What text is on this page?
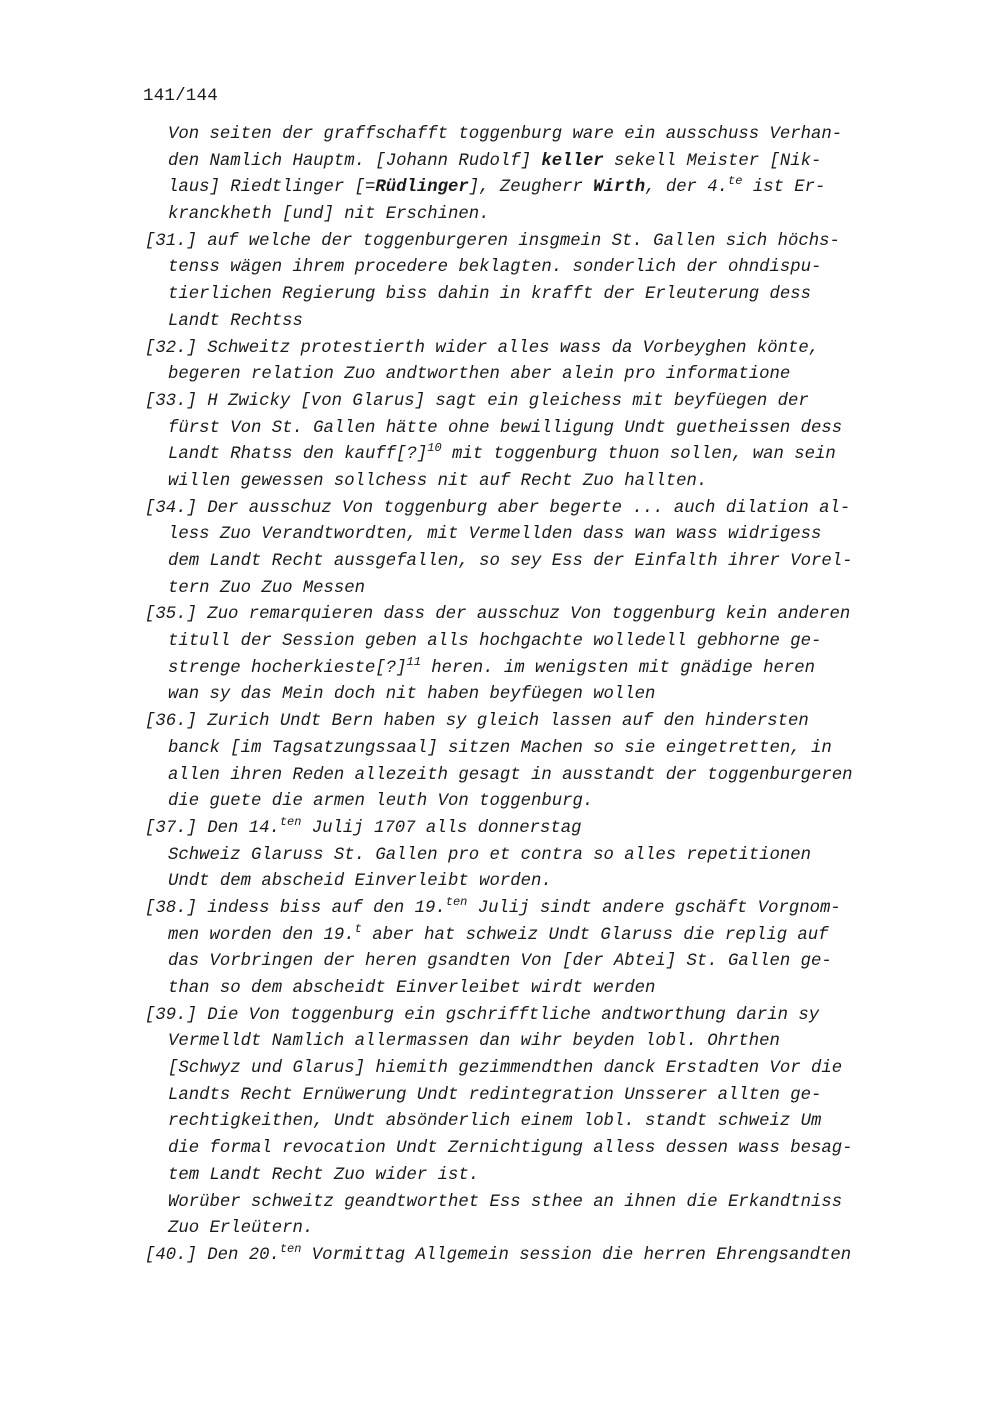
141/144
Von seiten der graffschafft toggenburg ware ein ausschuss Verhan-
den Namlich Hauptm. [Johann Rudolf] keller sekell Meister [Nik-
laus] Riedtlinger [=Rüdlinger], Zeugherr Wirth, der 4.$^{te}$ ist Er-
kranckheth [und] nit Erschinen.
[31.] auf welche der toggenburgeren insgmein St. Gallen sich höchs-
tenss wägen ihrem procedere beklagten. sonderlich der ohndispu-
tierlichen Regierung biss dahin in krafft der Erleuterung dess
Landt Rechtss
[32.] Schweitz protestierth wider alles wass da Vorbeyghen könte,
begeren relation Zuo andtworthen aber alein pro informatione
[33.] H Zwicky [von Glarus] sagt ein gleichess mit beyfüegen der
fürst Von St. Gallen hätte ohne bewilligung Undt guetheissen dess
Landt Rhatss den kauff[?]$^{10}$ mit toggenburg thuon sollen, wan sein
willen gewessen sollchess nit auf Recht Zuo hallten.
[34.] Der ausschuz Von toggenburg aber begerte ... auch dilation al-
less Zuo Verandtwordten, mit Vermellden dass wan wass widrigess
dem Landt Recht aussgefallen, so sey Ess der Einfalth ihrer Vorel-
tern Zuo Zuo Messen
[35.] Zuo remarquieren dass der ausschuz Von toggenburg kein anderen
titull der Session geben alls hochgachte wolledell gebhorne ge-
strenge hocherkieste[?]$^{11}$ heren. im wenigsten mit gnädige heren
wan sy das Mein doch nit haben beyfüegen wollen
[36.] Zurich Undt Bern haben sy gleich lassen auf den hindersten
banck [im Tagsatzungssaal] sitzen Machen so sie eingetretten, in
allen ihren Reden allezeith gesagt in ausstandt der toggenburgeren
die guete die armen leuth Von toggenburg.
[37.] Den 14.$^{ten}$ Julij 1707 alls donnerstag
Schweiz Glaruss St. Gallen pro et contra so alles repetitionen
Undt dem abscheid Einverleibt worden.
[38.] indess biss auf den 19.$^{ten}$ Julij sindt andere gschäft Vorgnom-
men worden den 19.$^t$ aber hat schweiz Undt Glaruss die replig auf
das Vorbringen der heren gsandten Von [der Abtei] St. Gallen ge-
than so dem abscheidt Einverleibet wirdt werden
[39.] Die Von toggenburg ein gschrifftliche andtworthung darin sy
Vermelldt Namlich allermassen dan wihr beyden lobl. Ohrthen
[Schwyz und Glarus] hiemith gezimmendthen danck Erstadten Vor die
Landts Recht Ernüwerung Undt redintegration Unsserer allten ge-
rechtigkeithen, Undt absönderlich einem lobl. standt schweiz Um
die formal revocation Undt Zernichtigung alless dessen wass besag-
tem Landt Recht Zuo wider ist.
Worüber schweitz geandtworthet Ess sthee an ihnen die Erkandtniss
Zuo Erleütern.
[40.] Den 20.$^{ten}$ Vormittag Allgemein session die herren Ehrengsandten
